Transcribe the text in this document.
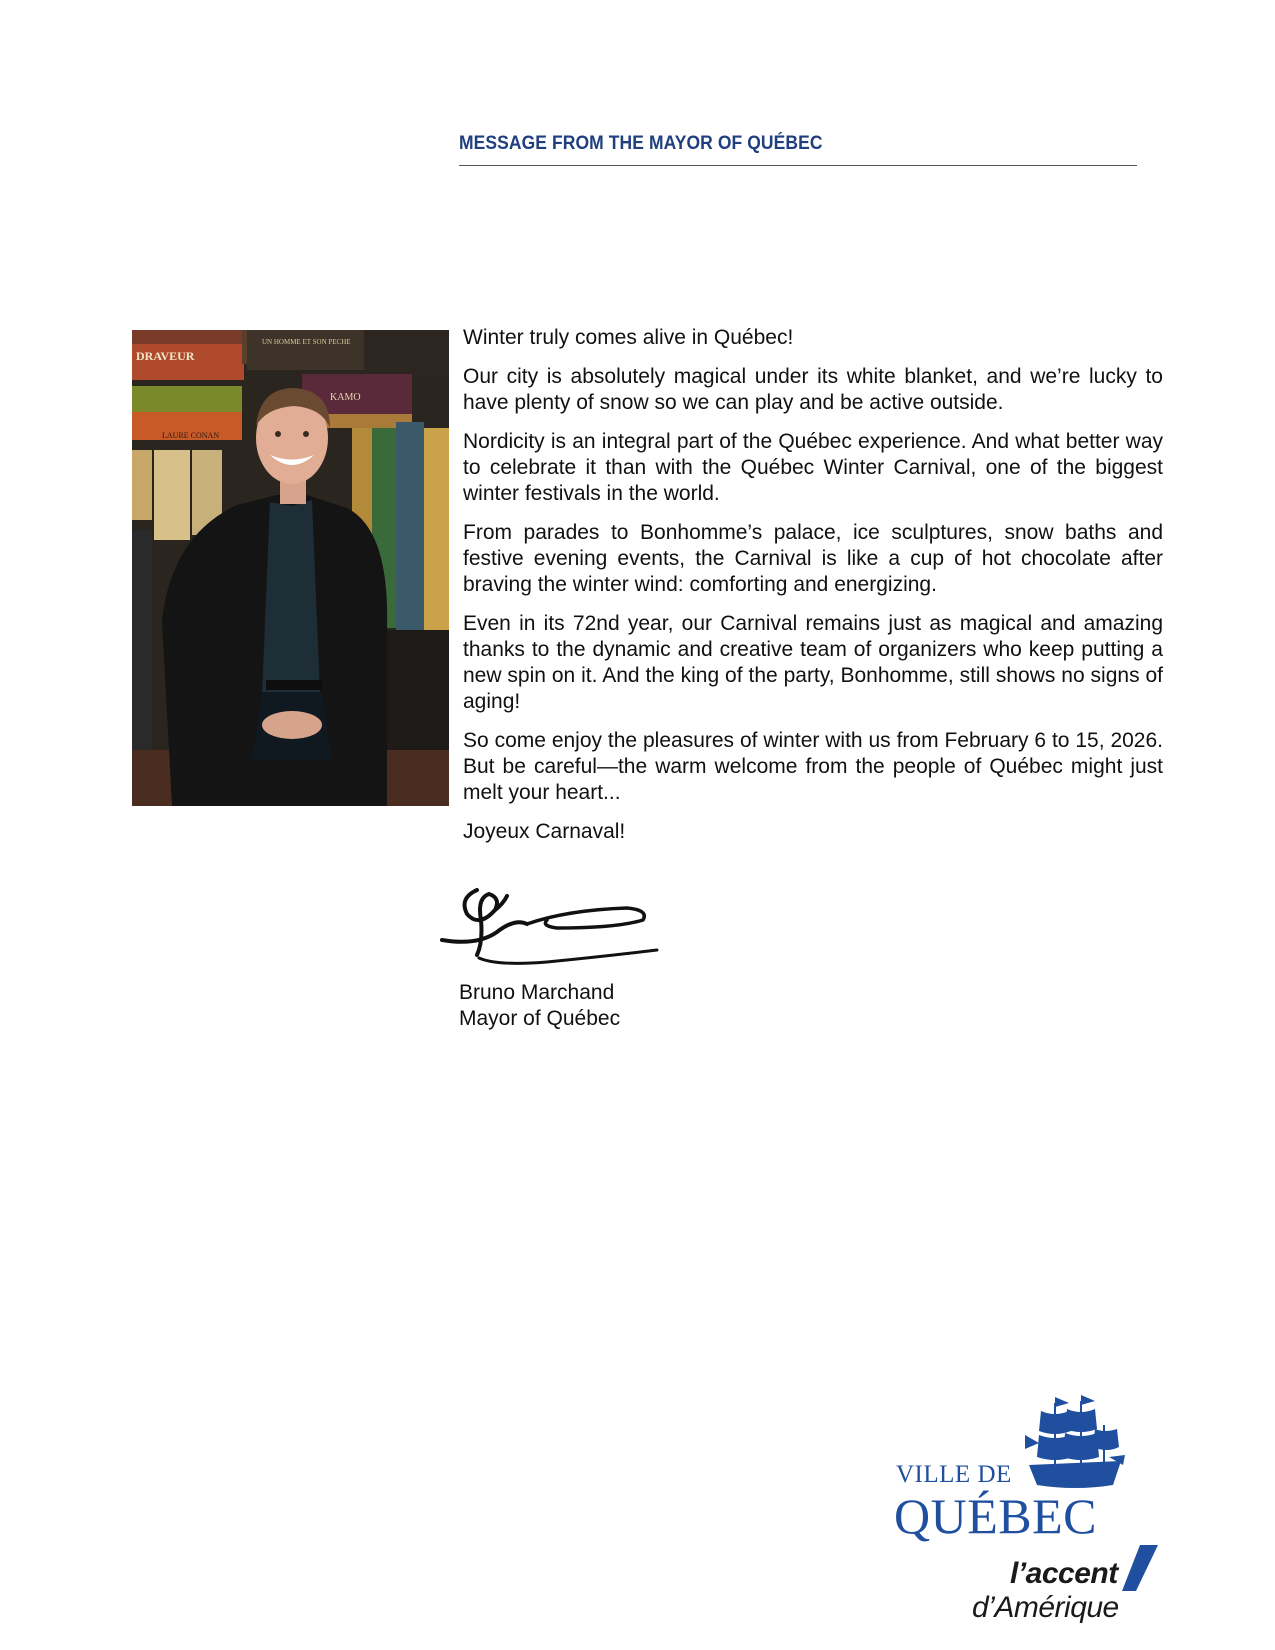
MESSAGE FROM THE MAYOR OF QUÉBEC
DRAVEUR
KAMO
LAURE CONAN
UN HOMME ET SON PECHE	Winter truly comes alive in Québec!

Our city is absolutely magical under its white blanket, and we’re lucky to have plenty of snow so we can play and be active outside.

Nordicity is an integral part of the Québec experience. And what better way to celebrate it than with the Québec Winter Carnival, one of the biggest winter festivals in the world.

From parades to Bonhomme’s palace, ice sculptures, snow baths and festive evening events, the Carnival is like a cup of hot chocolate after braving the winter wind: comforting and energizing.

Even in its 72nd year, our Carnival remains just as magical and amazing thanks to the dynamic and creative team of organizers who keep putting a new spin on it. And the king of the party, Bonhomme, still shows no signs of aging!

So come enjoy the pleasures of winter with us from February 6 to 15, 2026. But be careful—the warm welcome from the people of Québec might just melt your heart...

Joyeux Carnaval!

Bruno Marchand
Mayor of Québec
VILLE DE
QUÉBEC
l’accent
d’Amérique
